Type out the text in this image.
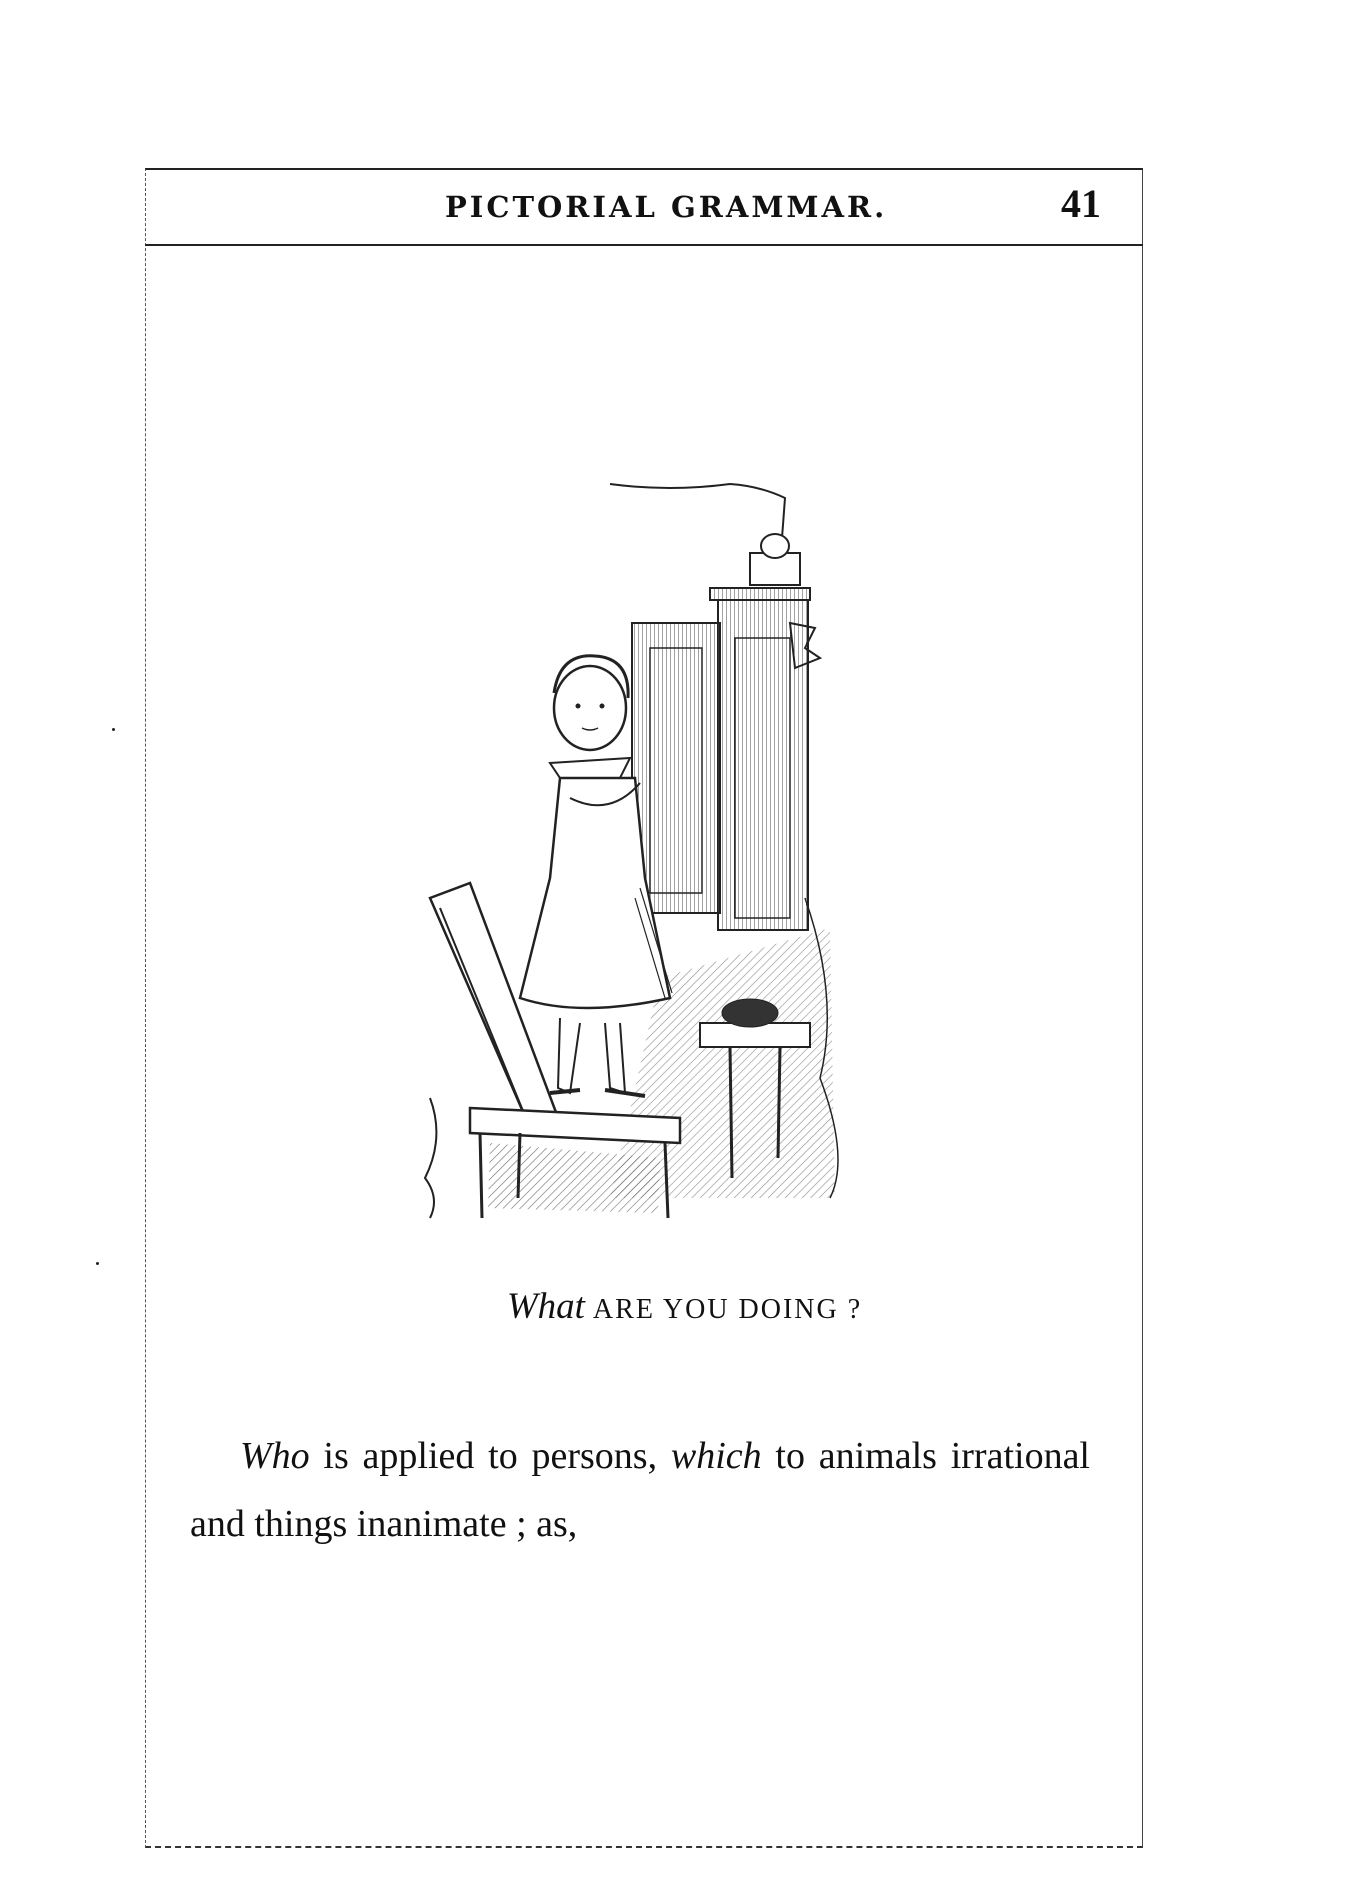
PICTORIAL GRAMMAR.	41
What ARE YOU DOING ?
Who is applied to persons, which to animals irrational and things inanimate ; as,
